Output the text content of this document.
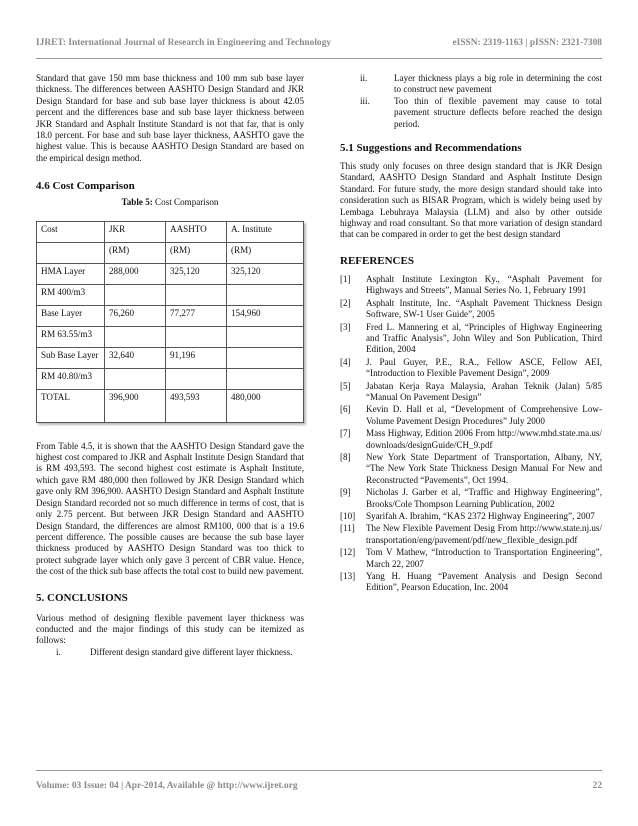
IJRET: International Journal of Research in Engineering and Technology	eISSN: 2319-1163 | pISSN: 2321-7308

Standard that gave 150 mm base thickness and 100 mm sub base layer thickness. The differences between AASHTO Design Standard and JKR Design Standard for base and sub base layer thickness is about 42.05 percent and the differences base and sub base layer thickness between JKR Standard and Asphalt Institute Standard is not that far, that is only 18.0 percent. For base and sub base layer thickness, AASHTO gave the highest value. This is because AASHTO Design Standard are based on the empirical design method.

4.6 Cost Comparison
Table 5: Cost Comparison
Cost	JKR	AASHTO	A. Institute
	(RM)	(RM)	(RM)
HMA Layer	288,000	325,120	325,120
RM 400/m3			
Base Layer	76,260	77,277	154,960
RM 63.55/m3			
Sub Base Layer	32,640	91,196	
RM 40.80/m3			
TOTAL	396,900	493,593	480,000

From Table 4.5, it is shown that the AASHTO Design Standard gave the highest cost compared to JKR and Asphalt Institute Design Standard that is RM 493,593. The second highest cost estimate is Asphalt Institute, which gave RM 480,000 then followed by JKR Design Standard which gave only RM 396,900. AASHTO Design Standard and Asphalt Institute Design Standard recorded not so much difference in terms of cost, that is only 2.75 percent. But between JKR Design Standard and AASHTO Design Standard, the differences are almost RM100, 000 that is a 19.6 percent difference. The possible causes are because the sub base layer thickness produced by AASHTO Design Standard was too thick to protect subgrade layer which only gave 3 percent of CBR value. Hence, the cost of the thick sub base affects the total cost to build new pavement.

5. CONCLUSIONS

Various method of designing flexible pavement layer thickness was conducted and the major findings of this study can be itemized as follows:

i.	Different design standard give different layer thickness.
ii.	Layer thickness plays a big role in determining the cost to construct new pavement
iii.	Too thin of flexible pavement may cause to total pavement structure deflects before reached the design period.
5.1 Suggestions and Recommendations

This study only focuses on three design standard that is JKR Design Standard, AASHTO Design Standard and Asphalt Institute Design Standard. For future study, the more design standard should take into consideration such as BISAR Program, which is widely being used by Lembaga Lebuhraya Malaysia (LLM) and also by other outside highway and road consultant. So that more variation of design standard that can be compared in order to get the best design standard

REFERENCES
[1]	Asphalt Institute Lexington Ky., “Asphalt Pavement for Highways and Streets”, Manual Series No. 1, February 1991
[2]	Asphalt Institute, Inc. “Asphalt Pavement Thickness Design Software, SW-1 User Guide”, 2005
[3]	Fred L. Mannering et al, “Principles of Highway Engineering and Traffic Analysis”, John Wiley and Son Publication, Third Edition, 2004
[4]	J. Paul Guyer, P.E., R.A., Fellow ASCE, Fellow AEI, “Introduction to Flexible Pavement Design”, 2009
[5]	Jabatan Kerja Raya Malaysia, Arahan Teknik (Jalan) 5/85 “Manual On Pavement Design”
[6]	Kevin D. Hall et al, “Development of Comprehensive Low-Volume Pavement Design Procedures” July 2000
[7]	Mass Highway, Edition 2006 From http://www.mhd.state.ma.us/downloads/designGuide/CH_9.pdf
[8]	New York State Department of Transportation, Albany, NY, “The New York State Thickness Design Manual For New and Reconstructed “Pavements”, Oct 1994.
[9]	Nicholas J. Garber et al, “Traffic and Highway Engineering”, Brooks/Cole Thompson Learning Publication, 2002
[10]	Syarifah A. Ibrahim, “KAS 2372 Highway Engineering”, 2007
[11]	The New Flexible Pavement Desig From http://www.state.nj.us/transportation/eng/pavement/pdf/new_flexible_design.pdf
[12]	Tom V Mathew, “Introduction to Transportation Engineering”, March 22, 2007
[13]	Yang H. Huang “Pavement Analysis and Design Second Edition”, Pearson Education, Inc. 2004
Volume: 03 Issue: 04 | Apr-2014, Available @ http://www.ijret.org	22
